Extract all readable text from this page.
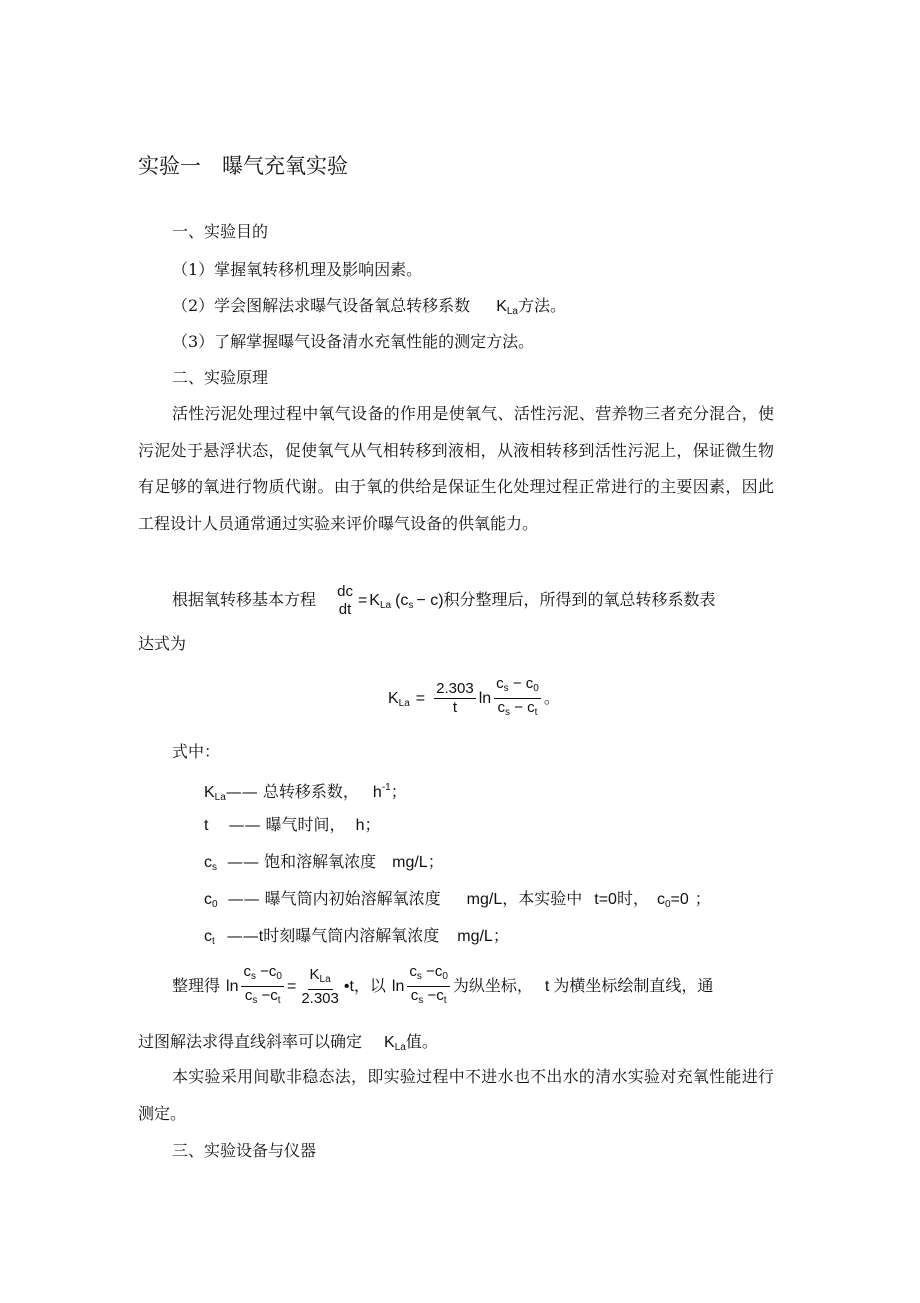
实验一　曝气充氧实验
一、实验目的
（1）掌握氧转移机理及影响因素。
（2）学会图解法求曝气设备氧总转移系数 $K_{La}$方法。
（3）了解掌握曝气设备清水充氧性能的测定方法。
二、实验原理
活性污泥处理过程中氧气设备的作用是使氧气、活性污泥、营养物三者充分混合，使污泥处于悬浮状态，促使氧气从气相转移到液相，从液相转移到活性污泥上，保证微生物有足够的氧进行物质代谢。由于氧的供给是保证生化处理过程正常进行的主要因素，因此工程设计人员通常通过实验来评价曝气设备的供氧能力。
根据氧转移基本方程 dc
dt = $K_{La}$ $(c_s - c)$积分整理后，所得到的氧总转移系数表
达式为
$K_{La} = \frac{2.303}{t}$ $\ln \frac{c_s - c_0}{c_s - c_t}$ 。
式中：
$K_{La}——$ 总转移系数， $h^{-1}$；
t —— 曝气时间， h；
$c_s$ —— 饱和溶解氧浓度 mg/L；
$c_0$ —— 曝气筒内初始溶解氧浓度 mg/L，本实验中 t=0时， $c_0=0$ ；
$c_t$ ——t时刻曝气筒内溶解氧浓度 mg/L；
整理得 $\ln \frac{c_s -c_0}{c_s -c_t} = \frac{K_{La}}{2.303}$ •t，以 $\ln \frac{c_s -c_0}{c_s -c_t}$ 为纵坐标， t 为横坐标绘制直线，通
过图解法求得直线斜率可以确定 $K_{La}$值。
本实验采用间歇非稳态法，即实验过程中不进水也不出水的清水实验对充氧性能进行测定。
三、实验设备与仪器
